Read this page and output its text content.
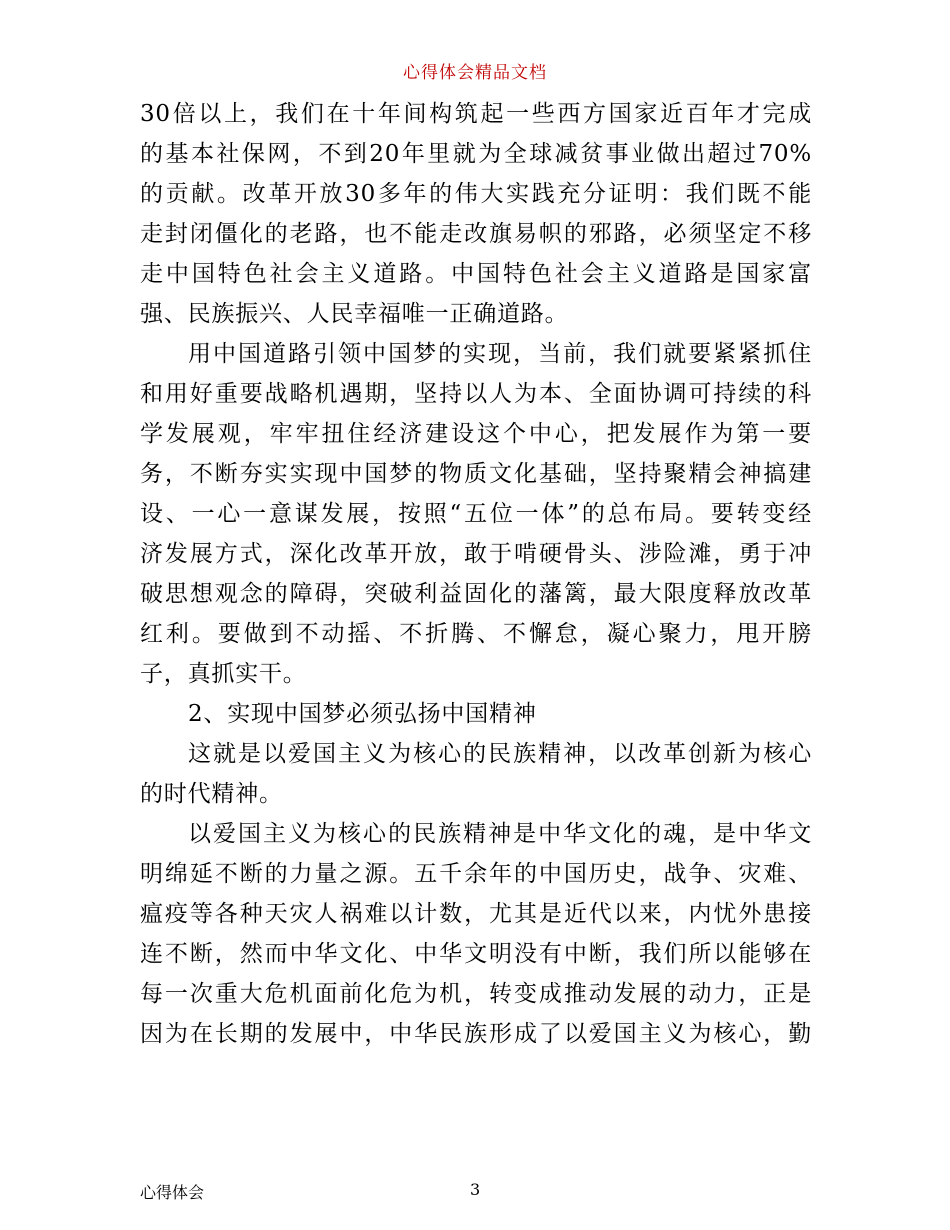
心得体会精品文档
30倍以上，我们在十年间构筑起一些西方国家近百年才完成
的基本社保网，不到20年里就为全球减贫事业做出超过70%
的贡献。改革开放30多年的伟大实践充分证明：我们既不能
走封闭僵化的老路，也不能走改旗易帜的邪路，必须坚定不移
走中国特色社会主义道路。中国特色社会主义道路是国家富
强、民族振兴、人民幸福唯一正确道路。
用中国道路引领中国梦的实现，当前，我们就要紧紧抓住
和用好重要战略机遇期，坚持以人为本、全面协调可持续的科
学发展观，牢牢扭住经济建设这个中心，把发展作为第一要
务，不断夯实实现中国梦的物质文化基础，坚持聚精会神搞建
设、一心一意谋发展，按照“五位一体”的总布局。要转变经
济发展方式，深化改革开放，敢于啃硬骨头、涉险滩，勇于冲
破思想观念的障碍，突破利益固化的藩篱，最大限度释放改革
红利。要做到不动摇、不折腾、不懈怠，凝心聚力，甩开膀
子，真抓实干。
2、实现中国梦必须弘扬中国精神
这就是以爱国主义为核心的民族精神，以改革创新为核心
的时代精神。
以爱国主义为核心的民族精神是中华文化的魂，是中华文
明绵延不断的力量之源。五千余年的中国历史，战争、灾难、
瘟疫等各种天灾人祸难以计数，尤其是近代以来，内忧外患接
连不断，然而中华文化、中华文明没有中断，我们所以能够在
每一次重大危机面前化危为机，转变成推动发展的动力，正是
因为在长期的发展中，中华民族形成了以爱国主义为核心，勤
心得体会	3
